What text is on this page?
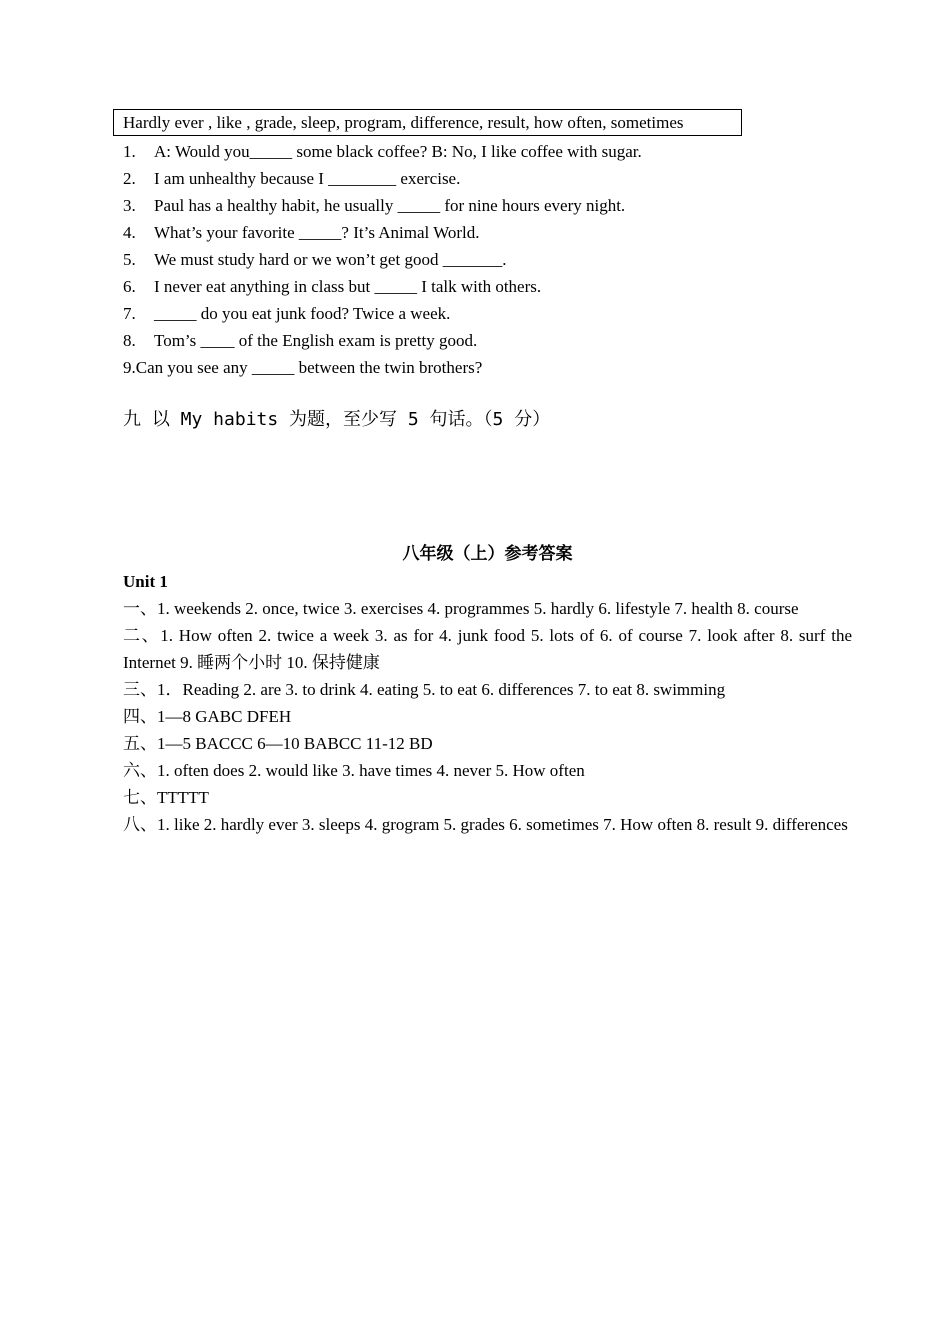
Hardly ever , like , grade, sleep, program, difference, result, how often, sometimes
1. A: Would you_____ some black coffee? B: No, I like coffee with sugar.
2. I am unhealthy because I ________ exercise.
3. Paul has a healthy habit, he usually _____ for nine hours every night.
4. What’s your favorite _____? It’s Animal World.
5. We must study hard or we won’t get good _______.
6. I never eat anything in class but _____ I talk with others.
7. _____ do you eat junk food? Twice a week.
8. Tom’s ____ of the English exam is pretty good.
9.Can you see any _____ between the twin brothers?
九 以 My habits 为题，至少写 5 句话。（5 分）
八年级（上）参考答案
Unit 1
一、1. weekends 2. once, twice 3. exercises 4. programmes 5. hardly 6. lifestyle 7. health 8. course
二、1. How often 2. twice a week 3. as for 4. junk food 5. lots of 6. of course 7. look after 8. surf the Internet 9. 睡两个小时 10. 保持健康
三、1．Reading 2. are 3. to drink 4. eating 5. to eat 6. differences 7. to eat 8. swimming
四、1—8 GABC DFEH
五、1—5 BACCC 6—10 BABCC 11-12 BD
六、1. often does 2. would like 3. have times 4. never 5. How often
七、TTTTT
八、1. like 2. hardly ever 3. sleeps 4. grogram 5. grades 6. sometimes 7. How often 8. result 9. differences
